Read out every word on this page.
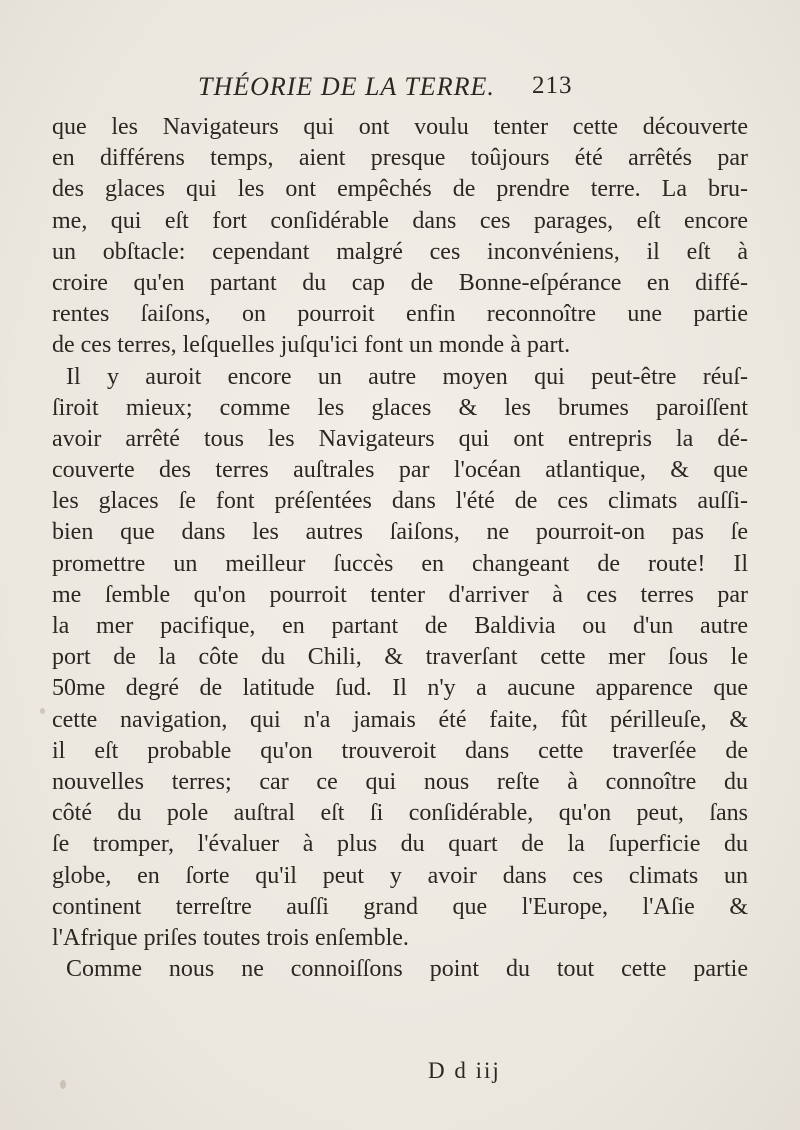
THÉORIE DE LA TERRE. 213
que les Navigateurs qui ont voulu tenter cette découverte
en différens temps, aient presque toûjours été arrêtés par
des glaces qui les ont empêchés de prendre terre. La bru-
me, qui eſt fort conſidérable dans ces parages, eſt encore
un obſtacle: cependant malgré ces inconvéniens, il eſt à
croire qu'en partant du cap de Bonne-eſpérance en diffé-
rentes ſaiſons, on pourroit enfin reconnoître une partie
de ces terres, leſquelles juſqu'ici font un monde à part.
Il y auroit encore un autre moyen qui peut-être réuſ-
ſiroit mieux; comme les glaces & les brumes paroiſſent
avoir arrêté tous les Navigateurs qui ont entrepris la dé-
couverte des terres auſtrales par l'océan atlantique, & que
les glaces ſe font préſentées dans l'été de ces climats auſſi-
bien que dans les autres ſaiſons, ne pourroit-on pas ſe
promettre un meilleur ſuccès en changeant de route! Il
me ſemble qu'on pourroit tenter d'arriver à ces terres par
la mer pacifique, en partant de Baldivia ou d'un autre
port de la côte du Chili, & traverſant cette mer ſous le
50me degré de latitude ſud. Il n'y a aucune apparence que
cette navigation, qui n'a jamais été faite, fût périlleuſe, &
il eſt probable qu'on trouveroit dans cette traverſée de
nouvelles terres; car ce qui nous reſte à connoître du
côté du pole auſtral eſt ſi conſidérable, qu'on peut, ſans
ſe tromper, l'évaluer à plus du quart de la ſuperficie du
globe, en ſorte qu'il peut y avoir dans ces climats un
continent terreſtre auſſi grand que l'Europe, l'Aſie &
l'Afrique priſes toutes trois enſemble.
Comme nous ne connoiſſons point du tout cette partie
D d iij
